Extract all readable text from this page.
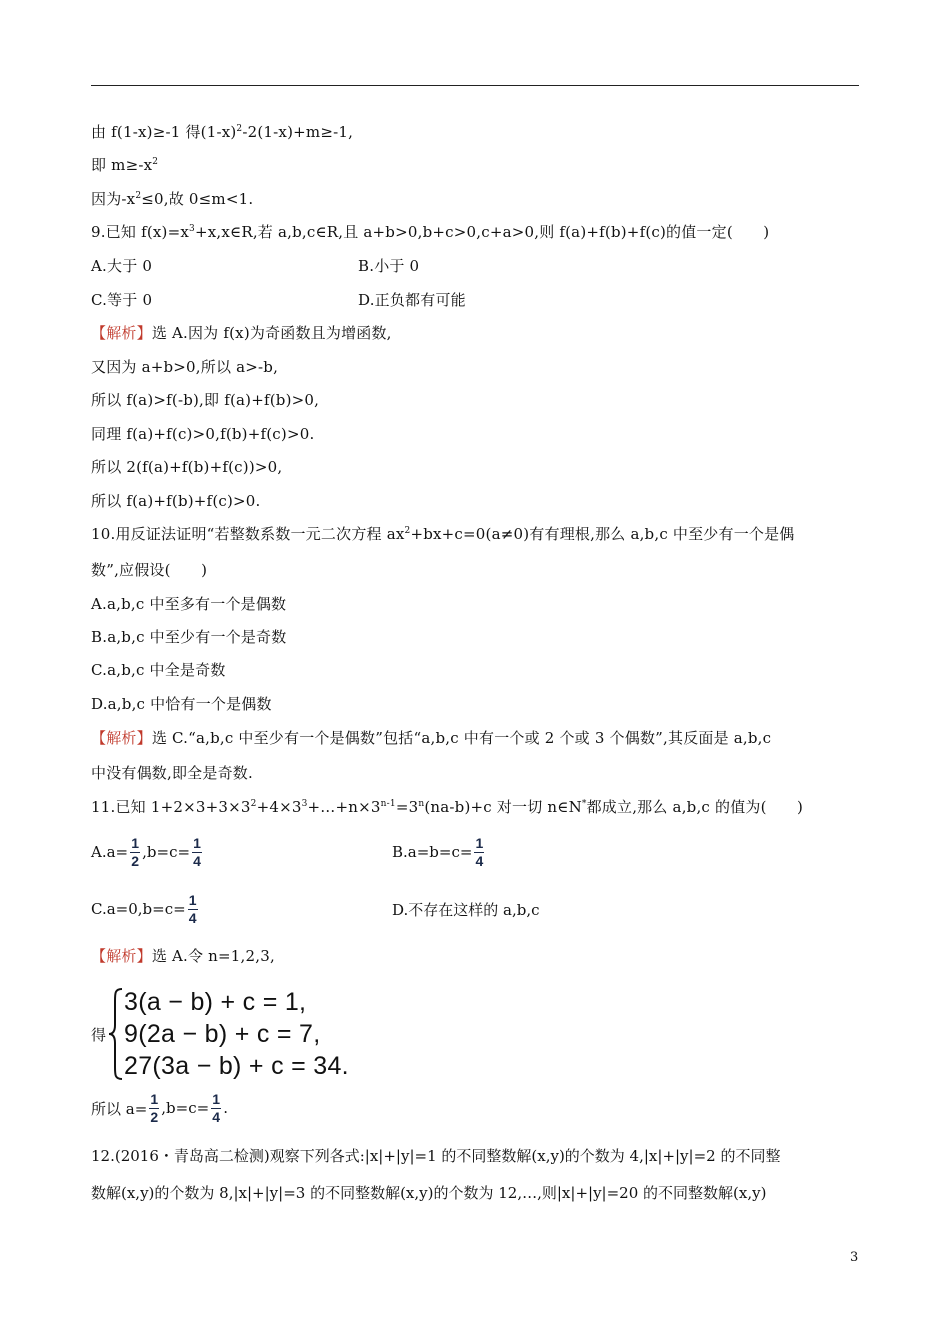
由 f(1-x)≥-1 得$(1-x)^2-2(1-x)+m\ge-1$,
即 $m\ge-x^2$
因为$-x^2\le 0$,故 0≤m<1.
9.已知 $f(x)=x^3+x,x\in R$,若 a,b,c∈R,且 a+b>0,b+c>0,c+a>0,则 f(a)+f(b)+f(c)的值一定(　　)
A.大于 0	B.小于 0
C.等于 0	D.正负都有可能
【解析】选 A.因为 f(x)为奇函数且为增函数,
又因为 a+b>0,所以 a>-b,
所以 f(a)>f(-b),即 f(a)+f(b)>0,
同理 f(a)+f(c)>0,f(b)+f(c)>0.
所以 2(f(a)+f(b)+f(c))>0,
所以 f(a)+f(b)+f(c)>0.
10.用反证法证明“若整数系数一元二次方程 $ax^2+bx+c=0(a\ne 0)$有有理根,那么 a,b,c 中至少有一个是偶
数”,应假设(　　)
A.a,b,c 中至多有一个是偶数
B.a,b,c 中至少有一个是奇数
C.a,b,c 中全是奇数
D.a,b,c 中恰有一个是偶数
【解析】选 C.“a,b,c 中至少有一个是偶数”包括“a,b,c 中有一个或 2 个或 3 个偶数”,其反面是 a,b,c
中没有偶数,即全是奇数.
11.已知 $1+2\times 3+3\times 3^2+4\times 3^3+\dots+n\times 3^{n-1}=3^n(na-b)+c$ 对一切 n∈N*都成立,那么 a,b,c 的值为(　　)
$A.a= \frac{1}{2} ,b=c= \frac{1}{4}$	$B.a=b=c= \frac{1}{4}$
$C.a=0,b=c= \frac{1}{4}$	D.不存在这样的 a,b,c
【解析】选 A.令 n=1,2,3,
得
3(a − b) + c = 1,
9(2a − b) + c = 7,
27(3a − b) + c = 34.
所以 $a= \frac{1}{2} ,b=c= \frac{1}{4}$ .
12.(2016・青岛高二检测)观察下列各式:|x|+|y|=1 的不同整数解(x,y)的个数为 4,|x|+|y|=2 的不同整
数解(x,y)的个数为 8,|x|+|y|=3 的不同整数解(x,y)的个数为 12,…,则|x|+|y|=20 的不同整数解(x,y)
3
